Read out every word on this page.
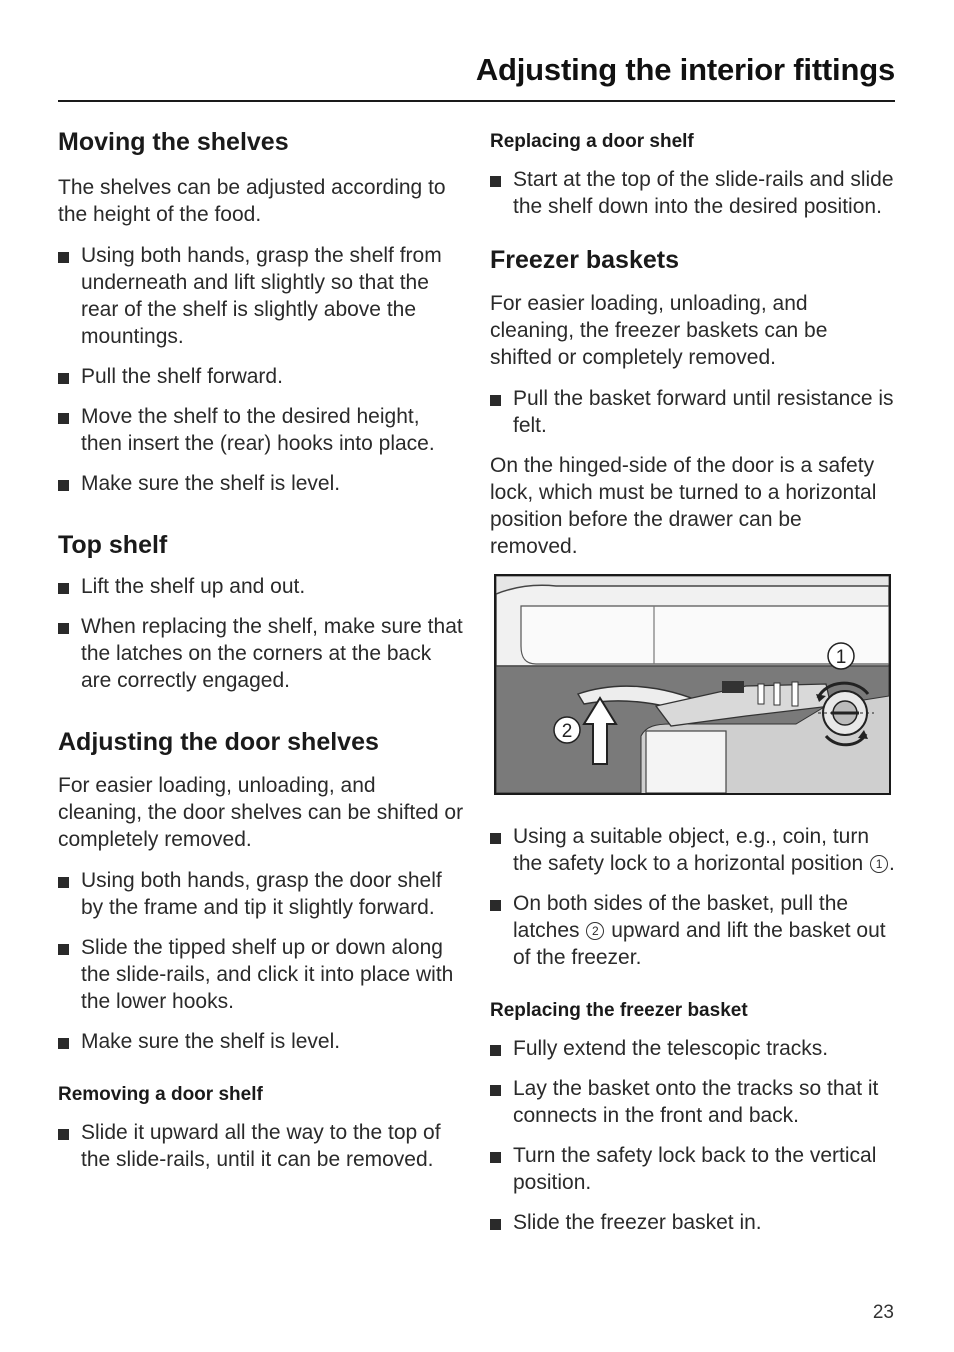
Adjusting the interior fittings
Moving the shelves

The shelves can be adjusted according to the height of the food.

Using both hands, grasp the shelf from underneath and lift slightly so that the rear of the shelf is slightly above the mountings.
Pull the shelf forward.
Move the shelf to the desired height, then insert the (rear) hooks into place.
Make sure the shelf is level.
Top shelf
Lift the shelf up and out.
When replacing the shelf, make sure that the latches on the corners at the back are correctly engaged.
Adjusting the door shelves

For easier loading, unloading, and cleaning, the door shelves can be shifted or completely removed.

Using both hands, grasp the door shelf by the frame and tip it slightly forward.
Slide the tipped shelf up or down along the slide-rails, and click it into place with the lower hooks.
Make sure the shelf is level.
Removing a door shelf
Slide it upward all the way to the top of the slide-rails, until it can be removed.
Replacing a door shelf
Start at the top of the slide-rails and slide the shelf down into the desired position.
Freezer baskets

For easier loading, unloading, and cleaning, the freezer baskets can be shifted or completely removed.

Pull the basket forward until resistance is felt.

On the hinged-side of the door is a safety lock, which must be turned to a horizontal position before the drawer can be removed.

2
1
Using a suitable object, e.g., coin, turn the safety lock to a horizontal position 1 .
On both sides of the basket, pull the latches 2 upward and lift the basket out of the freezer.
Replacing the freezer basket
Fully extend the telescopic tracks.
Lay the basket onto the tracks so that it connects in the front and back.
Turn the safety lock back to the vertical position.
Slide the freezer basket in.
23
